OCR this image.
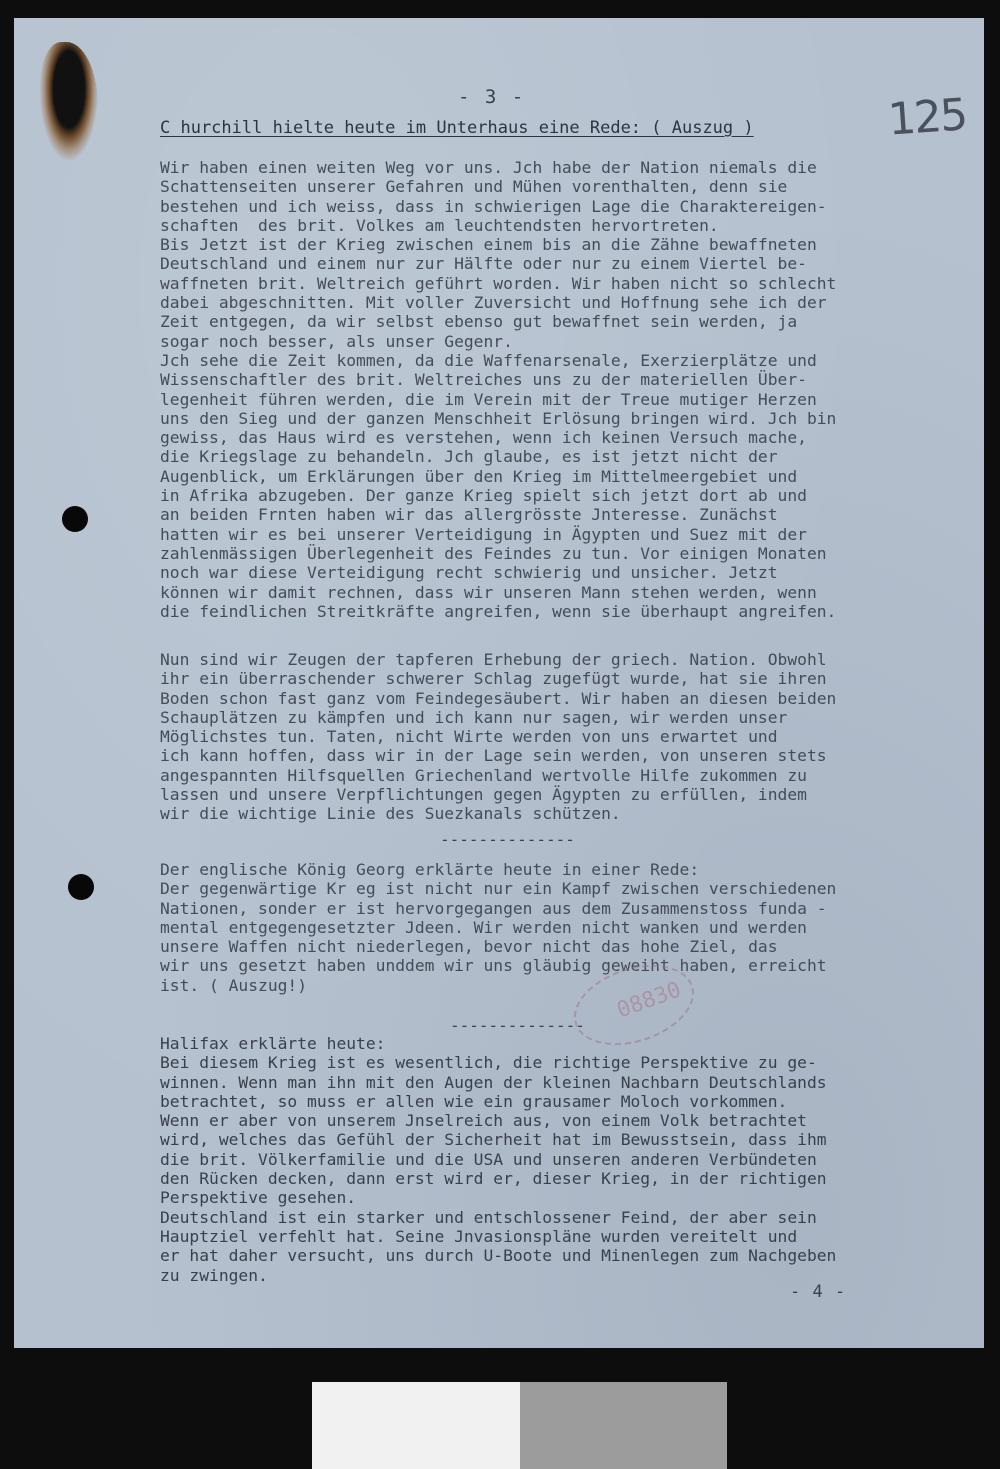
- 3 -	125
C hurchill hielte heute im Unterhaus eine Rede: ( Auszug )
Wir haben einen weiten Weg vor uns. Jch habe der Nation niemals die
Schattenseiten unserer Gefahren und Mühen vorenthalten, denn sie
bestehen und ich weiss, dass in schwierigen Lage die Charaktereigen-
schaften  des brit. Volkes am leuchtendsten hervortreten.
Bis Jetzt ist der Krieg zwischen einem bis an die Zähne bewaffneten
Deutschland und einem nur zur Hälfte oder nur zu einem Viertel be-
waffneten brit. Weltreich geführt worden. Wir haben nicht so schlecht
dabei abgeschnitten. Mit voller Zuversicht und Hoffnung sehe ich der
Zeit entgegen, da wir selbst ebenso gut bewaffnet sein werden, ja
sogar noch besser, als unser Gegenr.
Jch sehe die Zeit kommen, da die Waffenarsenale, Exerzierplätze und
Wissenschaftler des brit. Weltreiches uns zu der materiellen Über-
legenheit führen werden, die im Verein mit der Treue mutiger Herzen
uns den Sieg und der ganzen Menschheit Erlösung bringen wird. Jch bin
gewiss, das Haus wird es verstehen, wenn ich keinen Versuch mache,
die Kriegslage zu behandeln. Jch glaube, es ist jetzt nicht der
Augenblick, um Erklärungen über den Krieg im Mittelmeergebiet und
in Afrika abzugeben. Der ganze Krieg spielt sich jetzt dort ab und
an beiden Frnten haben wir das allergrösste Jnteresse. Zunächst
hatten wir es bei unserer Verteidigung in Ägypten und Suez mit der
zahlenmässigen Überlegenheit des Feindes zu tun. Vor einigen Monaten
noch war diese Verteidigung recht schwierig und unsicher. Jetzt
können wir damit rechnen, dass wir unseren Mann stehen werden, wenn
die feindlichen Streitkräfte angreifen, wenn sie überhaupt angreifen.
Nun sind wir Zeugen der tapferen Erhebung der griech. Nation. Obwohl
ihr ein überraschender schwerer Schlag zugefügt wurde, hat sie ihren
Boden schon fast ganz vom Feindegesäubert. Wir haben an diesen beiden
Schauplätzen zu kämpfen und ich kann nur sagen, wir werden unser
Möglichstes tun. Taten, nicht Wirte werden von uns erwartet und
ich kann hoffen, dass wir in der Lage sein werden, von unseren stets
angespannten Hilfsquellen Griechenland wertvolle Hilfe zukommen zu
lassen und unsere Verpflichtungen gegen Ägypten zu erfüllen, indem
wir die wichtige Linie des Suezkanals schützen.
--------------
Der englische König Georg erklärte heute in einer Rede:
Der gegenwärtige Kr eg ist nicht nur ein Kampf zwischen verschiedenen
Nationen, sonder er ist hervorgegangen aus dem Zusammenstoss funda -
mental entgegengesetzter Jdeen. Wir werden nicht wanken und werden
unsere Waffen nicht niederlegen, bevor nicht das hohe Ziel, das
wir uns gesetzt haben unddem wir uns gläubig geweiht haben, erreicht
ist. ( Auszug!)	08830
--------------
Halifax erklärte heute:
Bei diesem Krieg ist es wesentlich, die richtige Perspektive zu ge-
winnen. Wenn man ihn mit den Augen der kleinen Nachbarn Deutschlands
betrachtet, so muss er allen wie ein grausamer Moloch vorkommen.
Wenn er aber von unserem Jnselreich aus, von einem Volk betrachtet
wird, welches das Gefühl der Sicherheit hat im Bewusstsein, dass ihm
die brit. Völkerfamilie und die USA und unseren anderen Verbündeten
den Rücken decken, dann erst wird er, dieser Krieg, in der richtigen
Perspektive gesehen.
Deutschland ist ein starker und entschlossener Feind, der aber sein
Hauptziel verfehlt hat. Seine Jnvasionspläne wurden vereitelt und
er hat daher versucht, uns durch U-Boote und Minenlegen zum Nachgeben
zu zwingen.
- 4 -
